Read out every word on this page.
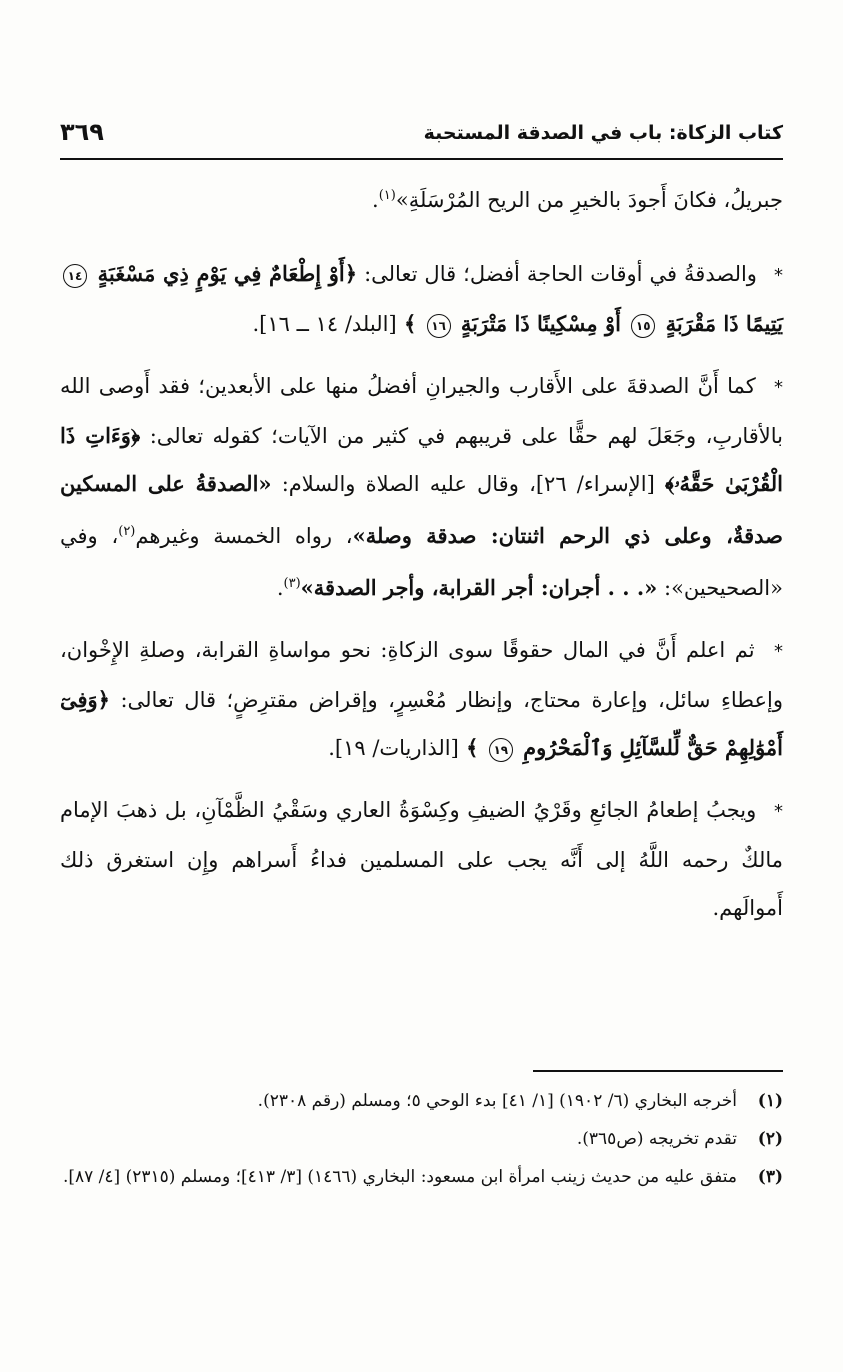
٣٦٩	كتاب الزكاة: باب في الصدقة المستحبة

جبريلُ، فكانَ أَجودَ بالخيرِ من الريح المُرْسَلَةِ»$^{(١)}$.

* والصدقةُ في أوقات الحاجة أفضل؛ قال تعالى: ﴿أَوْ إِطْعَامٌ فِي يَوْمٍ ذِي مَسْغَبَةٍ ١٤ يَتِيمًا ذَا مَقْرَبَةٍ ١٥ أَوْ مِسْكِينًا ذَا مَتْرَبَةٍ ١٦ ﴾ [البلد/ ١٤ ــ ١٦].

* كما أَنَّ الصدقةَ على الأَقارب والجيرانِ أفضلُ منها على الأبعدين؛ فقد أَوصى الله بالأقاربِ، وجَعَلَ لهم حقًّا على قريبهم في كثير من الآيات؛ كقوله تعالى: ﴿وَءَاتِ ذَا الْقُرْبَىٰ حَقَّهُۥ﴾ [الإسراء/ ٢٦]، وقال عليه الصلاة والسلام: «الصدقةُ على المسكين صدقةٌ، وعلى ذي الرحم اثنتان: صدقة وصلة»، رواه الخمسة وغيرهم$^{(٢)}$، وفي «الصحيحين»: «. . . أجران: أجر القرابة، وأجر الصدقة»$^{(٣)}$.

* ثم اعلم أَنَّ في المال حقوقًا سوى الزكاةِ: نحو مواساةِ القرابة، وصلةِ الإِخْوان، وإعطاءِ سائل، وإعارة محتاج، وإنظار مُعْسِرٍ، وإقراض مقترِضٍ؛ قال تعالى: ﴿وَفِىٓ أَمْوَٰلِهِمْ حَقٌّ لِّلسَّآئِلِ وَٱلْمَحْرُومِ ١٩ ﴾ [الذاريات/ ١٩].

* ويجبُ إطعامُ الجائعِ وقَرْيُ الضيفِ وكِسْوَةُ العاري وسَقْيُ الظَّمْآنِ، بل ذهبَ الإمام مالكٌ رحمه اللَّهُ إلى أَنَّه يجب على المسلمين فداءُ أَسراهم وإِن استغرق ذلك أَموالَهم.

(١)
أخرجه البخاري (٦/ ١٩٠٢) [١/ ٤١] بدء الوحي ٥؛ ومسلم (رقم ٢٣٠٨).
(٢)
تقدم تخريجه (ص٣٦٥).
(٣)
متفق عليه من حديث زينب امرأة ابن مسعود: البخاري (١٤٦٦) [٣/ ٤١٣]؛ ومسلم (٢٣١٥) [٤/ ٨٧].
